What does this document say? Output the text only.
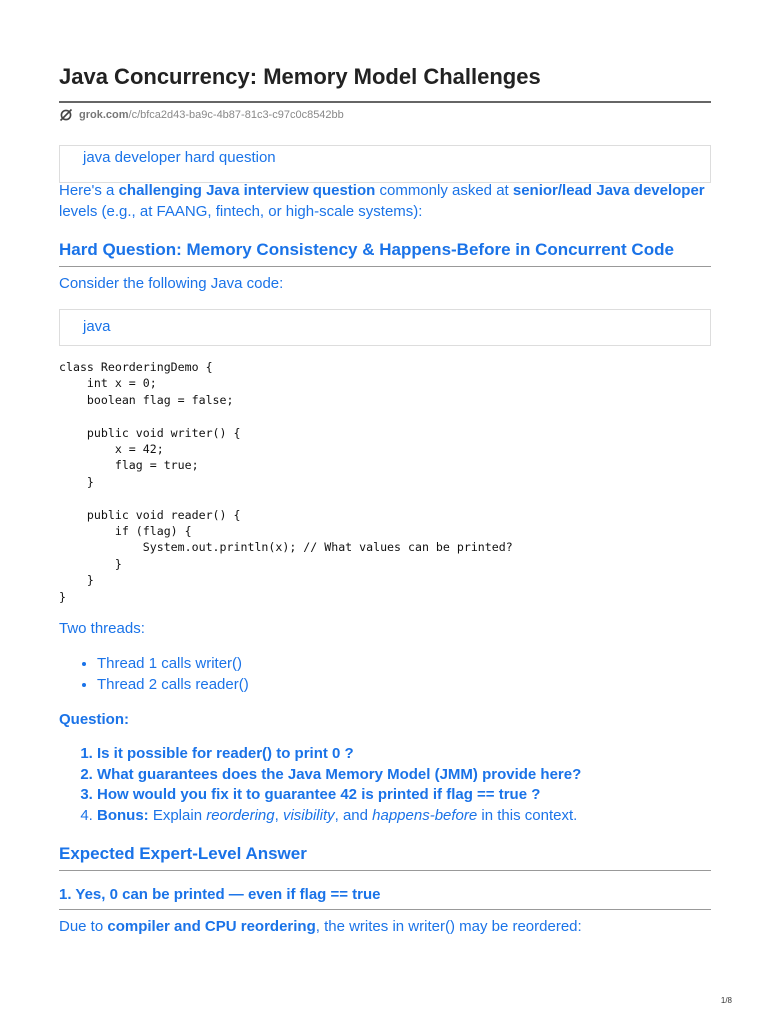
Java Concurrency: Memory Model Challenges
grok.com/c/bfca2d43-ba9c-4b87-81c3-c97c0c8542bb
java developer hard question
Here's a challenging Java interview question commonly asked at senior/lead Java developer levels (e.g., at FAANG, fintech, or high-scale systems):
Hard Question: Memory Consistency & Happens-Before in Concurrent Code
Consider the following Java code:
java
class ReorderingDemo {
int x = 0;
boolean flag = false;

public void writer() {
x = 42;
flag = true;
}

public void reader() {
if (flag) {
System.out.println(x); // What values can be printed?
}
}
}
Two threads:
• Thread 1 calls writer()
• Thread 2 calls reader()
Question:
1. Is it possible for reader() to print 0 ?
2. What guarantees does the Java Memory Model (JMM) provide here?
3. How would you fix it to guarantee 42 is printed if flag == true ?
4. Bonus: Explain reordering, visibility, and happens-before in this context.
Expected Expert-Level Answer
1. Yes, 0 can be printed — even if flag == true
Due to compiler and CPU reordering, the writes in writer() may be reordered:
1/8
